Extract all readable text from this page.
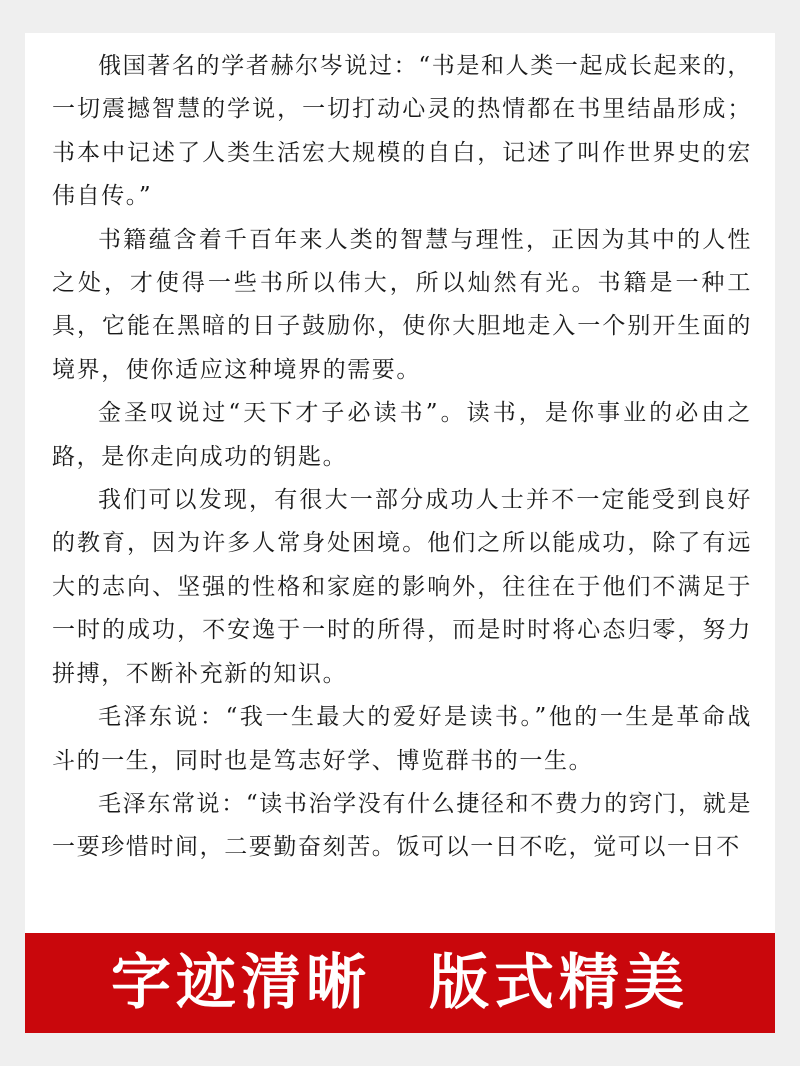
俄国著名的学者赫尔岑说过：“书是和人类一起成长起来的，一切震撼智慧的学说，一切打动心灵的热情都在书里结晶形成；书本中记述了人类生活宏大规模的自白，记述了叫作世界史的宏伟自传。”

书籍蕴含着千百年来人类的智慧与理性，正因为其中的人性之处，才使得一些书所以伟大，所以灿然有光。书籍是一种工具，它能在黑暗的日子鼓励你，使你大胆地走入一个别开生面的境界，使你适应这种境界的需要。

金圣叹说过“天下才子必读书”。读书，是你事业的必由之路，是你走向成功的钥匙。

我们可以发现，有很大一部分成功人士并不一定能受到良好的教育，因为许多人常身处困境。他们之所以能成功，除了有远大的志向、坚强的性格和家庭的影响外，往往在于他们不满足于一时的成功，不安逸于一时的所得，而是时时将心态归零，努力拼搏，不断补充新的知识。

毛泽东说：“我一生最大的爱好是读书。”他的一生是革命战斗的一生，同时也是笃志好学、博览群书的一生。

毛泽东常说：“读书治学没有什么捷径和不费力的窍门，就是一要珍惜时间，二要勤奋刻苦。饭可以一日不吃，觉可以一日不

字迹清晰 版式精美
